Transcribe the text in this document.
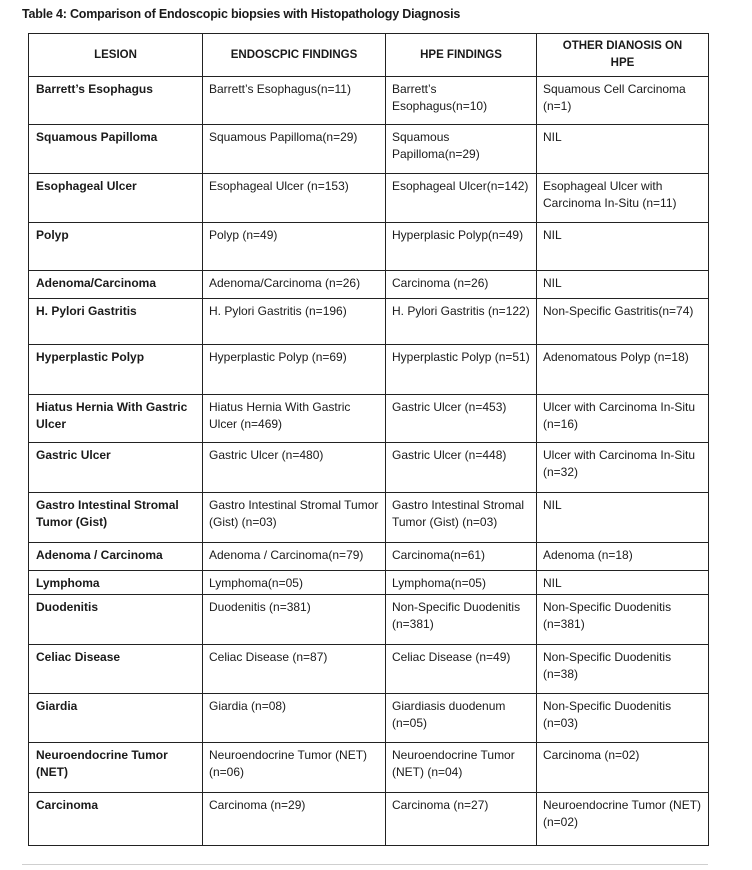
Table 4: Comparison of Endoscopic biopsies with Histopathology Diagnosis
LESION	ENDOSCPIC FINDINGS	HPE FINDINGS	OTHER DIANOSIS ON HPE

Barrett’s Esophagus	Barrett’s Esophagus(n=11)	Barrett’s Esophagus(n=10)	Squamous Cell Carcinoma (n=1)

Squamous Papilloma	Squamous Papilloma(n=29)	Squamous Papilloma(n=29)	NIL

Esophageal Ulcer	Esophageal Ulcer (n=153)	Esophageal Ulcer(n=142)	Esophageal Ulcer with Carcinoma In-Situ (n=11)

Polyp	Polyp (n=49)	Hyperplasic Polyp(n=49)	NIL

Adenoma/Carcinoma	Adenoma/Carcinoma (n=26)	Carcinoma (n=26)	NIL

H. Pylori Gastritis	H. Pylori Gastritis (n=196)	H. Pylori Gastritis (n=122)	Non-Specific Gastritis(n=74)

Hyperplastic Polyp	Hyperplastic Polyp (n=69)	Hyperplastic Polyp (n=51)	Adenomatous Polyp (n=18)

Hiatus Hernia With Gastric Ulcer	Hiatus Hernia With Gastric Ulcer (n=469)	Gastric Ulcer (n=453)	Ulcer with Carcinoma In-Situ (n=16)

Gastric Ulcer	Gastric Ulcer (n=480)	Gastric Ulcer (n=448)	Ulcer with Carcinoma In-Situ (n=32)

Gastro Intestinal Stromal Tumor (Gist)	Gastro Intestinal Stromal Tumor (Gist) (n=03)	Gastro Intestinal Stromal Tumor (Gist) (n=03)	NIL

Adenoma / Carcinoma	Adenoma / Carcinoma(n=79)	Carcinoma(n=61)	Adenoma (n=18)

Lymphoma	Lymphoma(n=05)	Lymphoma(n=05)	NIL

Duodenitis	Duodenitis (n=381)	Non-Specific Duodenitis (n=381)	Non-Specific Duodenitis (n=381)

Celiac Disease	Celiac Disease (n=87)	Celiac Disease (n=49)	Non-Specific Duodenitis (n=38)

Giardia	Giardia (n=08)	Giardiasis duodenum (n=05)	Non-Specific Duodenitis (n=03)

Neuroendocrine Tumor (NET)	Neuroendocrine Tumor (NET) (n=06)	Neuroendocrine Tumor (NET) (n=04)	Carcinoma (n=02)

Carcinoma	Carcinoma (n=29)	Carcinoma (n=27)	Neuroendocrine Tumor (NET) (n=02)
